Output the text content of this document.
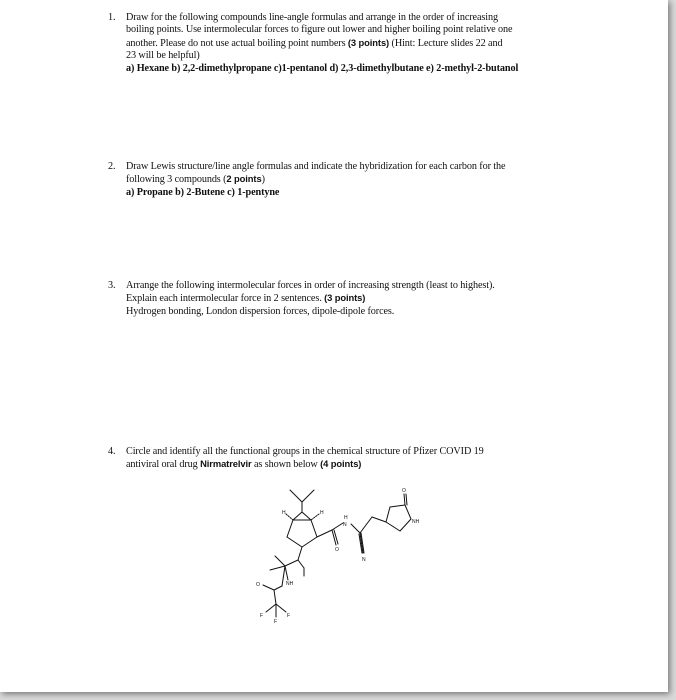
1. Draw for the following compounds line-angle formulas and arrange in the order of increasing
boiling points. Use intermolecular forces to figure out lower and higher boiling point relative one
another. Please do not use actual boiling point numbers (3 points) (Hint: Lecture slides 22 and
23 will be helpful)
a) Hexane b) 2,2-dimethylpropane c)1-pentanol d) 2,3-dimethylbutane e) 2-methyl-2-butanol
2. Draw Lewis structure/line angle formulas and indicate the hybridization for each carbon for the
following 3 compounds (2 points)
a) Propane b) 2-Butene c) 1-pentyne
3. Arrange the following intermolecular forces in order of increasing strength (least to highest).
Explain each intermolecular force in 2 sentences. (3 points)
Hydrogen bonding, London dispersion forces, dipole-dipole forces.
4. Circle and identify all the functional groups in the chemical structure of Pfizer COVID 19
antiviral oral drug Nirmatrelvir as shown below (4 points)
H	H
H
N
O
O
N
NH
O	NH
F	F
F
